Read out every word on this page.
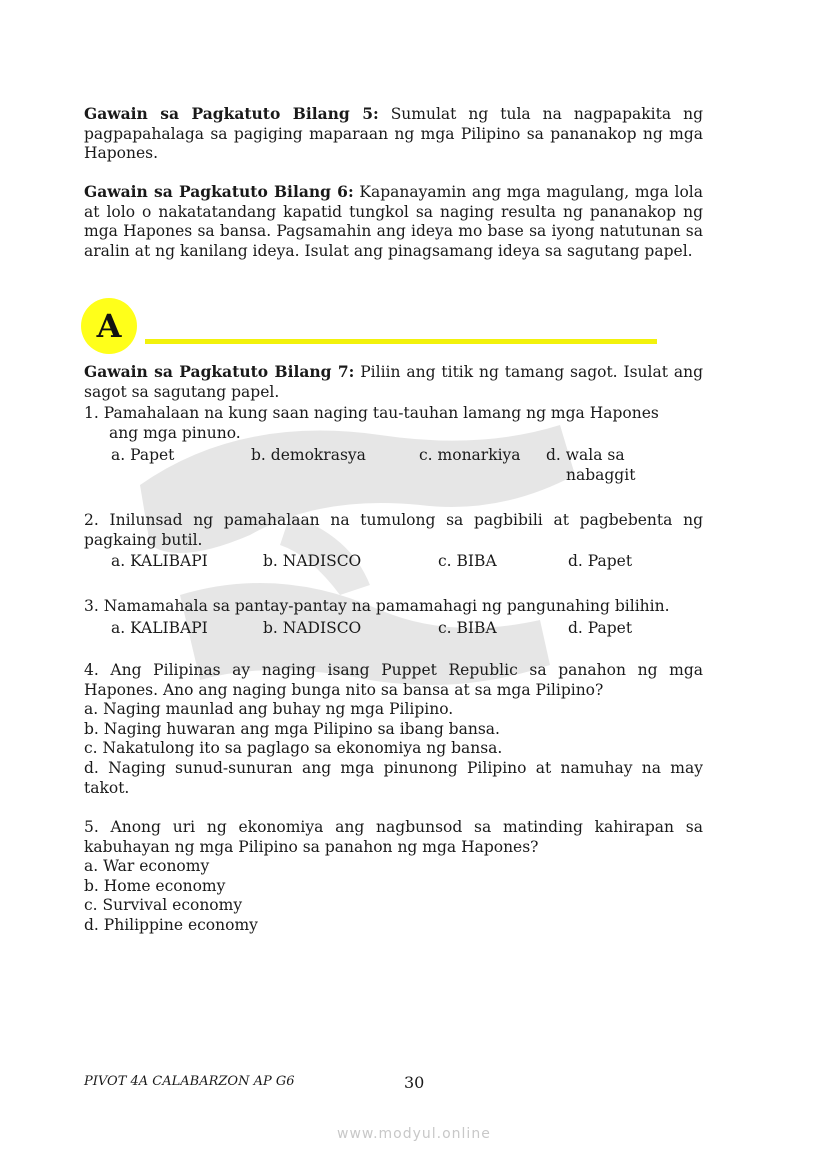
Gawain sa Pagkatuto Bilang 5: Sumulat ng tula na nagpapakita ng pagpapahalaga sa pagiging maparaan ng mga Pilipino sa pananakop ng mga Hapones.

Gawain sa Pagkatuto Bilang 6: Kapanayamin ang mga magulang, mga lola at lolo o nakatatandang kapatid tungkol sa naging resulta ng pananakop ng mga Hapones sa bansa. Pagsamahin ang ideya mo base sa iyong natutunan sa aralin at ng kanilang ideya. Isulat ang pinagsamang ideya sa sagutang papel.

A

Gawain sa Pagkatuto Bilang 7: Piliin ang titik ng tamang sagot. Isulat ang sagot sa sagutang papel.

1. Pamahalaan na kung saan naging tau-tauhan lamang ng mga Hapones
ang mga pinuno.
a. Papet	b. demokrasya	c. monarkiya d. wala sa
nabaggit

2. Inilunsad ng pamahalaan na tumulong sa pagbibili at pagbebenta ng pagkaing butil.

a. KALIBAPI	b. NADISCO	c. BIBA	d. Papet
3. Namamahala sa pantay-pantay na pamamahagi ng pangunahing bilihin.
a. KALIBAPI	b. NADISCO	c. BIBA	d. Papet

4. Ang Pilipinas ay naging isang Puppet Republic sa panahon ng mga Hapones. Ano ang naging bunga nito sa bansa at sa mga Pilipino?

a. Naging maunlad ang buhay ng mga Pilipino.
b. Naging huwaran ang mga Pilipino sa ibang bansa.
c. Nakatulong ito sa paglago sa ekonomiya ng bansa.

d. Naging sunud-sunuran ang mga pinunong Pilipino at namuhay na may takot.

5. Anong uri ng ekonomiya ang nagbunsod sa matinding kahirapan sa kabuhayan ng mga Pilipino sa panahon ng mga Hapones?

a. War economy
b. Home economy
c. Survival economy
d. Philippine economy
PIVOT 4A CALABARZON AP G6	30
www.modyul.online
